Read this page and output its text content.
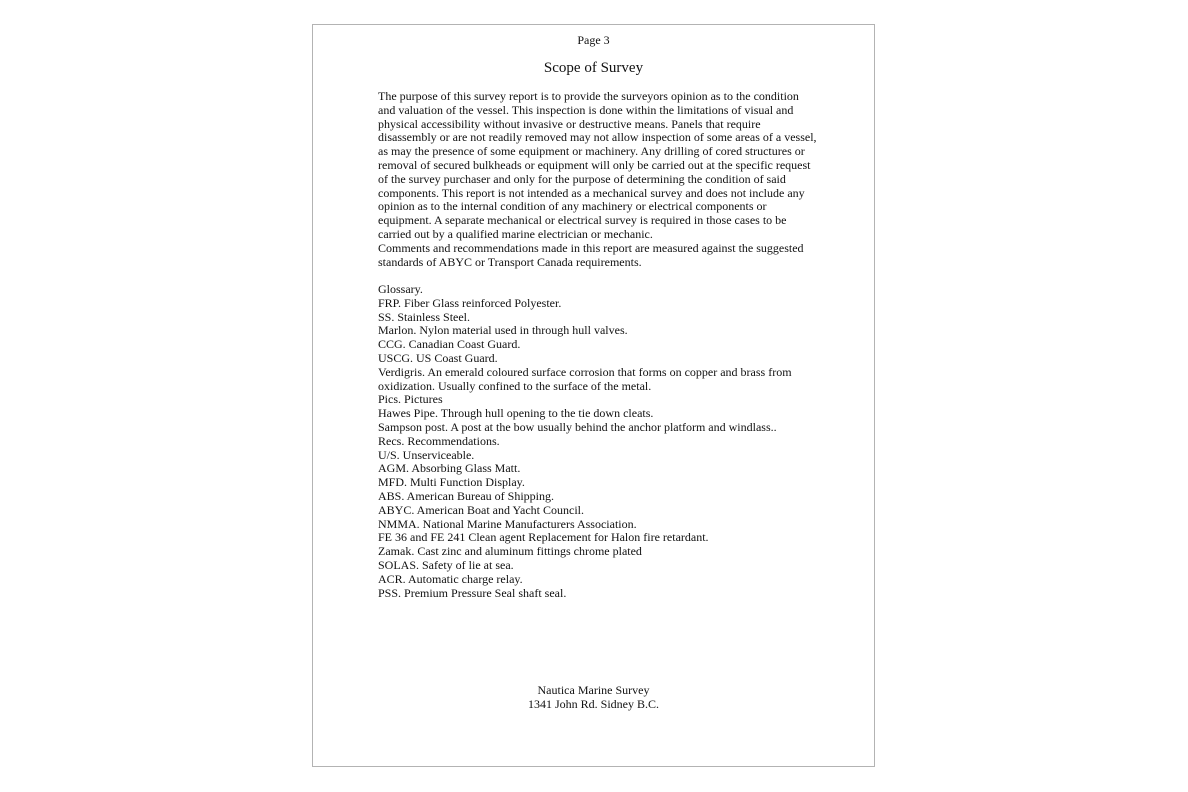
Page 3
Scope of Survey

The purpose of this survey report is to provide the surveyors opinion as to the condition and valuation of the vessel. This inspection is done within the limitations of visual and physical accessibility without invasive or destructive means. Panels that require disassembly or are not readily removed may not allow inspection of some areas of a vessel, as may the presence of some equipment or machinery. Any drilling of cored structures or removal of secured bulkheads or equipment will only be carried out at the specific request of the survey purchaser and only for the purpose of determining the condition of said components. This report is not intended as a mechanical survey and does not include any opinion as to the internal condition of any machinery or electrical components or equipment. A separate mechanical or electrical survey is required in those cases to be carried out by a qualified marine electrician or mechanic.

Comments and recommendations made in this report are measured against the suggested standards of ABYC or Transport Canada requirements.

Glossary.
FRP. Fiber Glass reinforced Polyester.
SS. Stainless Steel.
Marlon. Nylon material used in through hull valves.
CCG. Canadian Coast Guard.
USCG. US Coast Guard.
Verdigris. An emerald coloured surface corrosion that forms on copper and brass from oxidization. Usually confined to the surface of the metal.
Pics. Pictures
Hawes Pipe. Through hull opening to the tie down cleats.
Sampson post. A post at the bow usually behind the anchor platform and windlass..
Recs. Recommendations.
U/S. Unserviceable.
AGM. Absorbing Glass Matt.
MFD. Multi Function Display.
ABS. American Bureau of Shipping.
ABYC. American Boat and Yacht Council.
NMMA. National Marine Manufacturers Association.
FE 36 and FE 241 Clean agent Replacement for Halon fire retardant.
Zamak. Cast zinc and aluminum fittings chrome plated
SOLAS. Safety of lie at sea.
ACR. Automatic charge relay.
PSS. Premium Pressure Seal shaft seal.
Nautica Marine Survey
1341 John Rd. Sidney B.C.
